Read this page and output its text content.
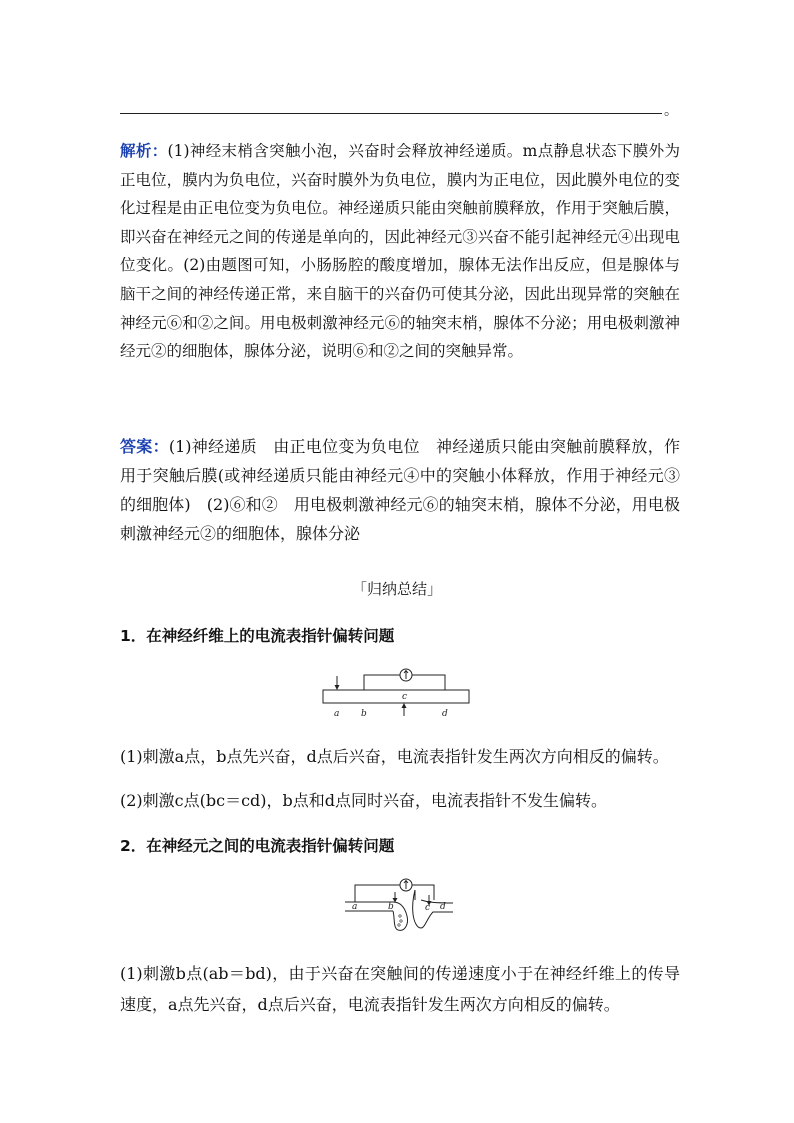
。

解析：(1)神经末梢含突触小泡，兴奋时会释放神经递质。m点静息状态下膜外为正电位，膜内为负电位，兴奋时膜外为负电位，膜内为正电位，因此膜外电位的变化过程是由正电位变为负电位。神经递质只能由突触前膜释放，作用于突触后膜，即兴奋在神经元之间的传递是单向的，因此神经元③兴奋不能引起神经元④出现电位变化。(2)由题图可知，小肠肠腔的酸度增加，腺体无法作出反应，但是腺体与脑干之间的神经传递正常，来自脑干的兴奋仍可使其分泌，因此出现异常的突触在神经元⑥和②之间。用电极刺激神经元⑥的轴突末梢，腺体不分泌；用电极刺激神经元②的细胞体，腺体分泌，说明⑥和②之间的突触异常。

答案：(1)神经递质　由正电位变为负电位　神经递质只能由突触前膜释放，作用于突触后膜(或神经递质只能由神经元④中的突触小体释放，作用于神经元③的细胞体)　(2)⑥和②　用电极刺激神经元⑥的轴突末梢，腺体不分泌，用电极刺激神经元②的细胞体，腺体分泌

「归纳总结」
1．在神经纤维上的电流表指针偏转问题
a b
c
d

(1)刺激a点，b点先兴奋，d点后兴奋，电流表指针发生两次方向相反的偏转。

(2)刺激c点(bc＝cd)，b点和d点同时兴奋，电流表指针不发生偏转。

2．在神经元之间的电流表指针偏转问题
a	b	c d

(1)刺激b点(ab＝bd)，由于兴奋在突触间的传递速度小于在神经纤维上的传导速度，a点先兴奋，d点后兴奋，电流表指针发生两次方向相反的偏转。
